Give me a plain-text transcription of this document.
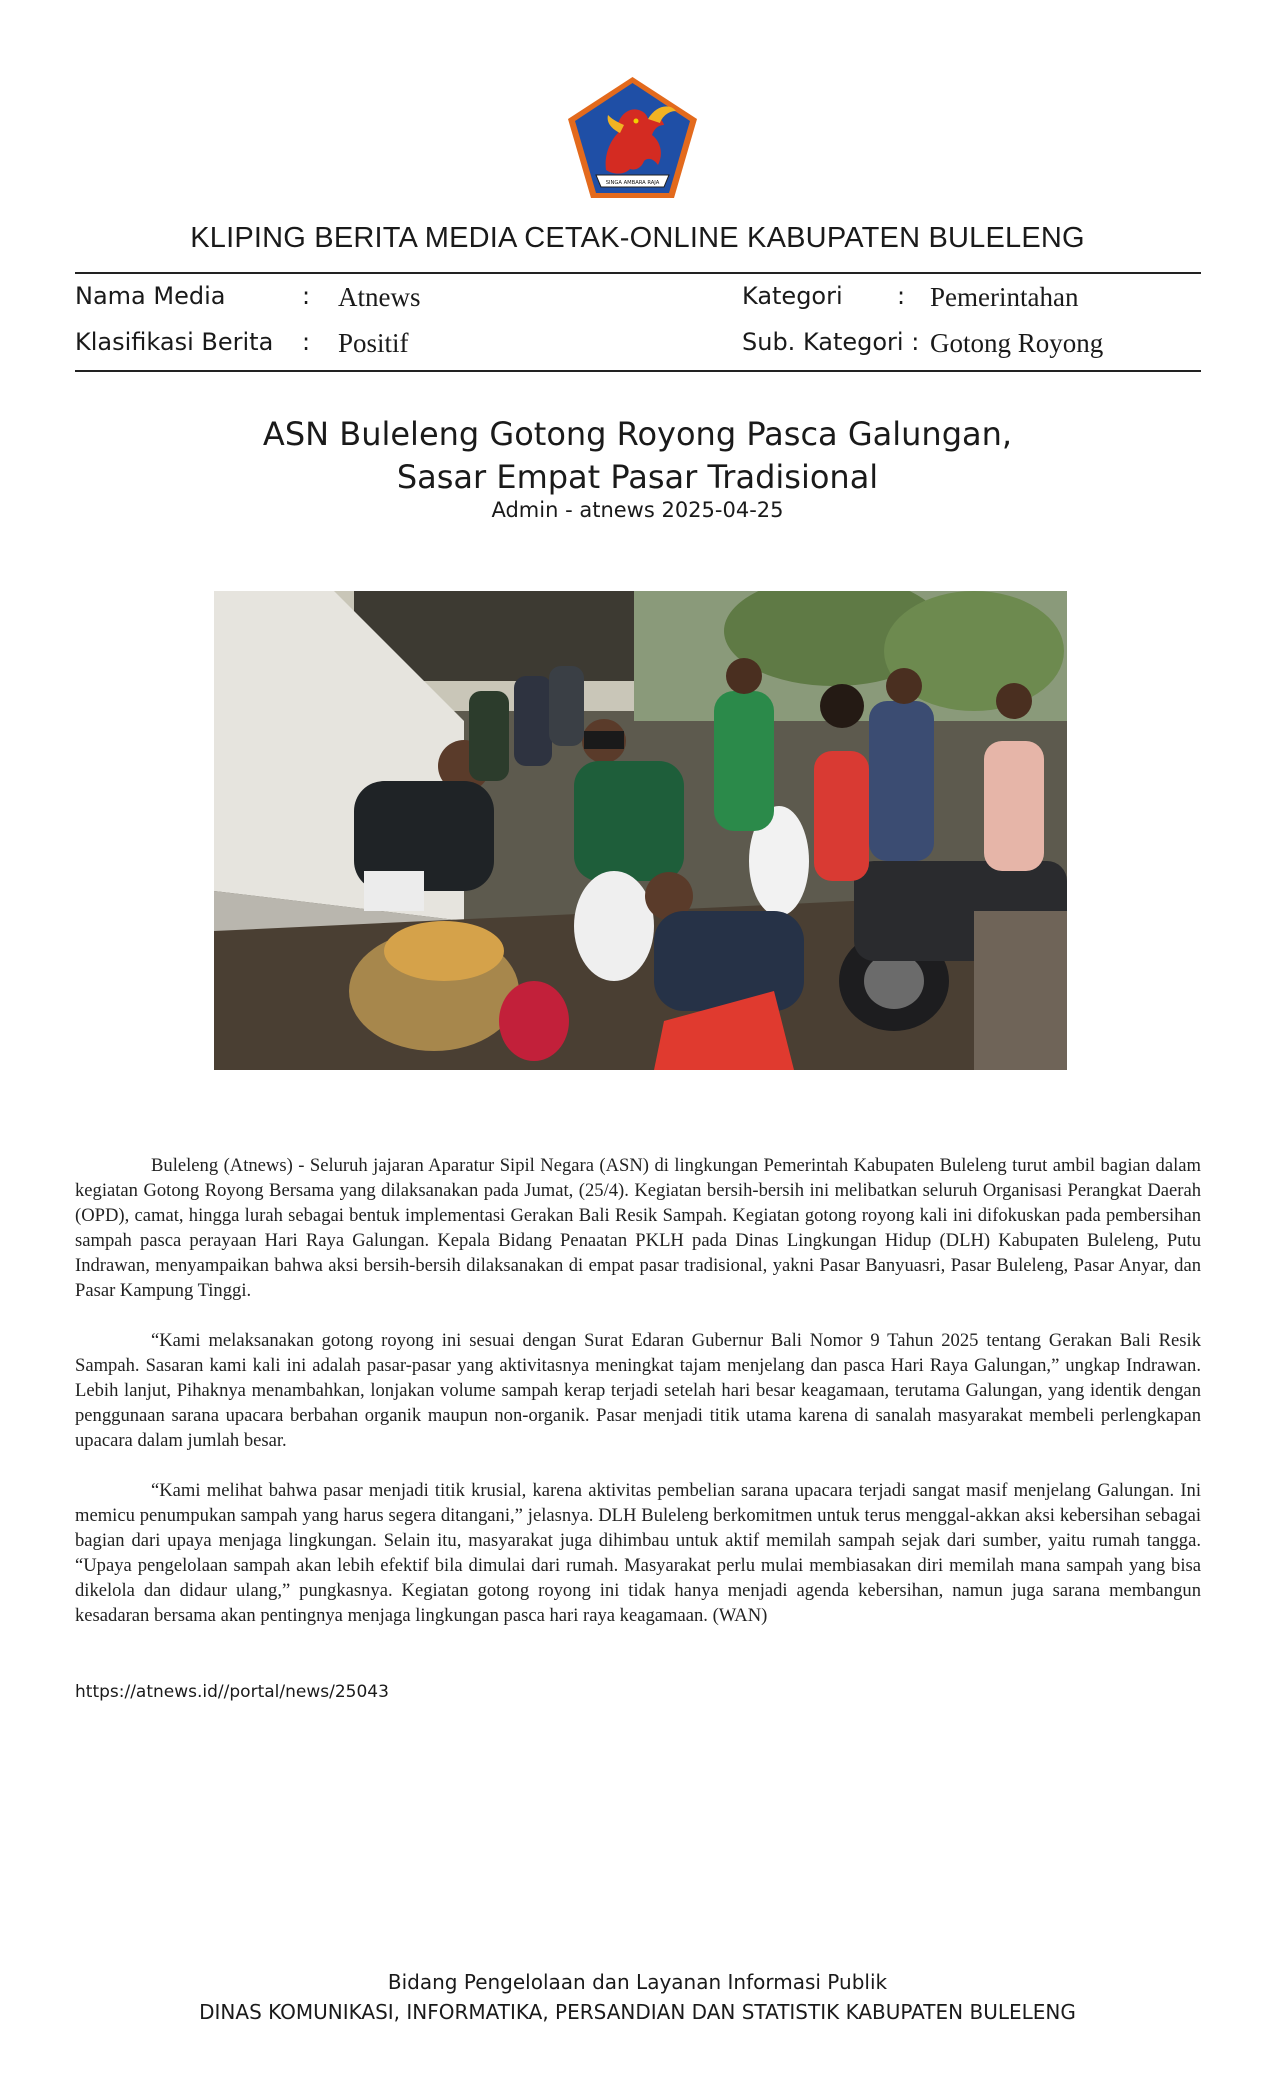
SINGA AMBARA RAJA
KLIPING BERITA MEDIA CETAK-ONLINE KABUPATEN BULELENG
Nama Media	: Atnews
Klasifikasi Berita : Positif
Kategori : Pemerintahan
Sub. Kategori : Gotong Royong
ASN Buleleng Gotong Royong Pasca Galungan,
Sasar Empat Pasar Tradisional
Admin - atnews 2025-04-25

Buleleng (Atnews) - Seluruh jajaran Aparatur Sipil Negara (ASN) di lingkungan Pemerintah Kabupaten Buleleng turut ambil bagian dalam kegiatan Gotong Royong Bersama yang dilaksanakan pada Jumat, (25/4). Kegiatan bersih-bersih ini melibatkan seluruh Organisasi Perangkat Daerah (OPD), camat, hingga lurah sebagai bentuk implementasi Gerakan Bali Resik Sampah. Kegiatan gotong royong kali ini difokuskan pada pembersihan sampah pasca perayaan Hari Raya Galungan. Kepala Bidang Penaatan PKLH pada Dinas Lingkungan Hidup (DLH) Kabupaten Buleleng, Putu Indrawan, menyampaikan bahwa aksi bersih-bersih dilaksanakan di empat pasar tradisional, yakni Pasar Banyuasri, Pasar Buleleng, Pasar Anyar, dan Pasar Kampung Tinggi.

“Kami melaksanakan gotong royong ini sesuai dengan Surat Edaran Gubernur Bali Nomor 9 Tahun 2025 tentang Gerakan Bali Resik Sampah. Sasaran kami kali ini adalah pasar-pasar yang aktivitasnya meningkat tajam menjelang dan pasca Hari Raya Galungan,” ungkap Indrawan. Lebih lanjut, Pihaknya menambahkan, lonjakan volume sampah kerap terjadi setelah hari besar keagamaan, terutama Galungan, yang identik dengan penggunaan sarana upacara berbahan organik maupun non-organik. Pasar menjadi titik utama karena di sanalah masyarakat membeli perlengkapan upacara dalam jumlah besar.

“Kami melihat bahwa pasar menjadi titik krusial, karena aktivitas pembelian sarana upacara terjadi sangat masif menjelang Galungan. Ini memicu penumpukan sampah yang harus segera ditangani,” jelasnya. DLH Buleleng berkomitmen untuk terus menggal-akkan aksi kebersihan sebagai bagian dari upaya menjaga lingkungan. Selain itu, masyarakat juga dihimbau untuk aktif memilah sampah sejak dari sumber, yaitu rumah tangga. “Upaya pengelolaan sampah akan lebih efektif bila dimulai dari rumah. Masyarakat perlu mulai membiasakan diri memilah mana sampah yang bisa dikelola dan didaur ulang,” pungkasnya. Kegiatan gotong royong ini tidak hanya menjadi agenda kebersihan, namun juga sarana membangun kesadaran bersama akan pentingnya menjaga lingkungan pasca hari raya keagamaan. (WAN)

https://atnews.id//portal/news/25043
Bidang Pengelolaan dan Layanan Informasi Publik
DINAS KOMUNIKASI, INFORMATIKA, PERSANDIAN DAN STATISTIK KABUPATEN BULELENG
